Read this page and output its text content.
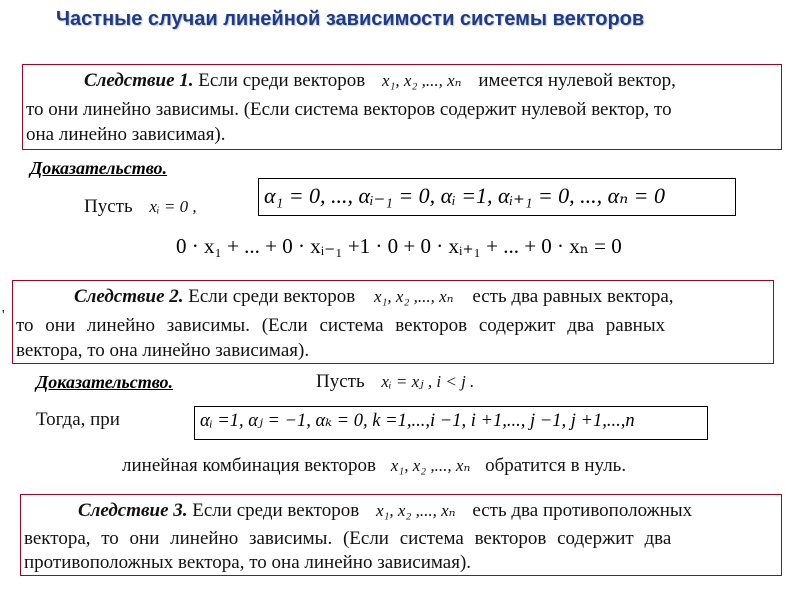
Частные случаи линейной зависимости системы векторов
Следствие 1. Если среди векторов x₁, x₂ ,..., xₙ имеется нулевой вектор,
то они линейно зависимы. (Если система векторов содержит нулевой вектор, то
она линейно зависимая).
Доказательство.
Пусть xᵢ = 0 ,	α₁ = 0, ..., αᵢ₋₁ = 0, αᵢ =1, αᵢ₊₁ = 0, ..., αₙ = 0
0 · x₁ + ... + 0 · xᵢ₋₁ +1 · 0 + 0 · xᵢ₊₁ + ... + 0 · xₙ = 0
'
Следствие 2. Если среди векторов x₁, x₂ ,..., xₙ есть два равных вектора,
то они линейно зависимы. (Если система векторов содержит два равных
вектора, то она линейно зависимая).
Доказательство.	Пусть xᵢ = xⱼ , i < j .
Тогда, при	αᵢ =1, αⱼ = −1, αₖ = 0, k =1,...,i −1, i +1,..., j −1, j +1,...,n
линейная комбинация векторов x₁, x₂ ,..., xₙ обратится в нуль.
Следствие 3. Если среди векторов x₁, x₂ ,..., xₙ есть два противоположных
вектора, то они линейно зависимы. (Если система векторов содержит два
противоположных вектора, то она линейно зависимая).
